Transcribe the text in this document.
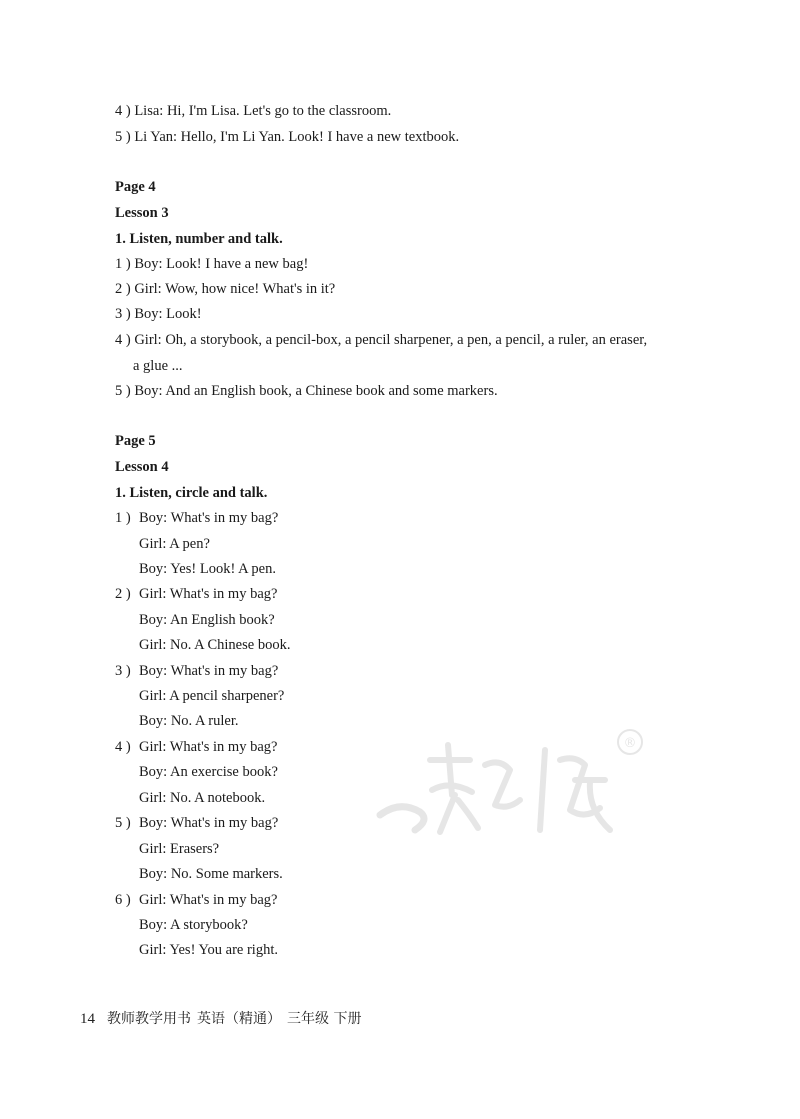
4 ) Lisa: Hi, I'm Lisa. Let's go to the classroom.
5 ) Li Yan: Hello, I'm Li Yan. Look! I have a new textbook.
Page 4
Lesson 3
1. Listen, number and talk.
1 ) Boy: Look! I have a new bag!
2 ) Girl: Wow, how nice! What's in it?
3 ) Boy: Look!
4 ) Girl: Oh, a storybook, a pencil-box, a pencil sharpener, a pen, a pencil, a ruler, an eraser,
a glue ...
5 ) Boy: And an English book, a Chinese book and some markers.
Page 5
Lesson 4
1. Listen, circle and talk.
1 ) Boy: What's in my bag?
Girl: A pen?
Boy: Yes! Look! A pen.
2 ) Girl: What's in my bag?
Boy: An English book?
Girl: No. A Chinese book.
3 ) Boy: What's in my bag?
Girl: A pencil sharpener?
Boy: No. A ruler.
4 ) Girl: What's in my bag?
Boy: An exercise book?
Girl: No. A notebook.
5 ) Boy: What's in my bag?
Girl: Erasers?
Boy: No. Some markers.
6 ) Girl: What's in my bag?
Boy: A storybook?
Girl: Yes! You are right.
®
14 教师教学用书 英语（精通） 三年级 下册
